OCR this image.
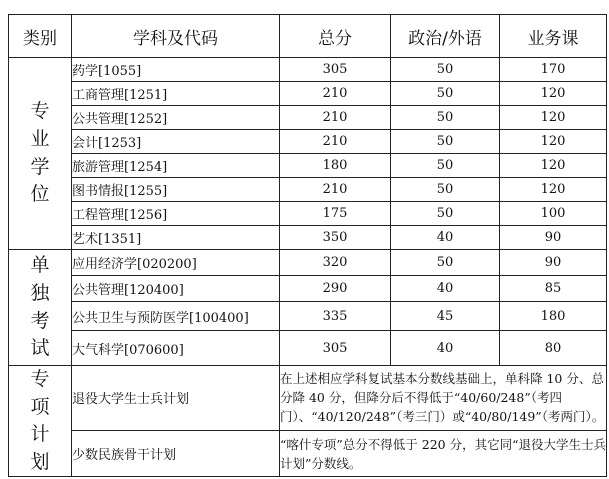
类别	学科及代码	总分	政治/外语	业务课
专业学位	药学[1055]	305	50	170
	工商管理[1251]	210	50	120
	公共管理[1252]	210	50	120
	会计[1253]	210	50	120
	旅游管理[1254]	180	50	120
	图书情报[1255]	210	50	120
	工程管理[1256]	175	50	100
	艺术[1351]	350	40	90
单独考试	应用经济学[020200]	320	50	90
	公共管理[120400]	290	40	85
	公共卫生与预防医学[100400]	335	45	180
	大气科学[070600]	305	40	80
专项计划	退役大学生士兵计划	在上述相应学科复试基本分数线基础上，单科降 10 分、总分降 40 分，但降分后不得低于“40/60/248”（考四门）、“40/120/248”（考三门）或“40/80/149”（考两门）。		
	少数民族骨干计划	“喀什专项”总分不得低于 220 分，其它同“退役大学生士兵计划”分数线。		
